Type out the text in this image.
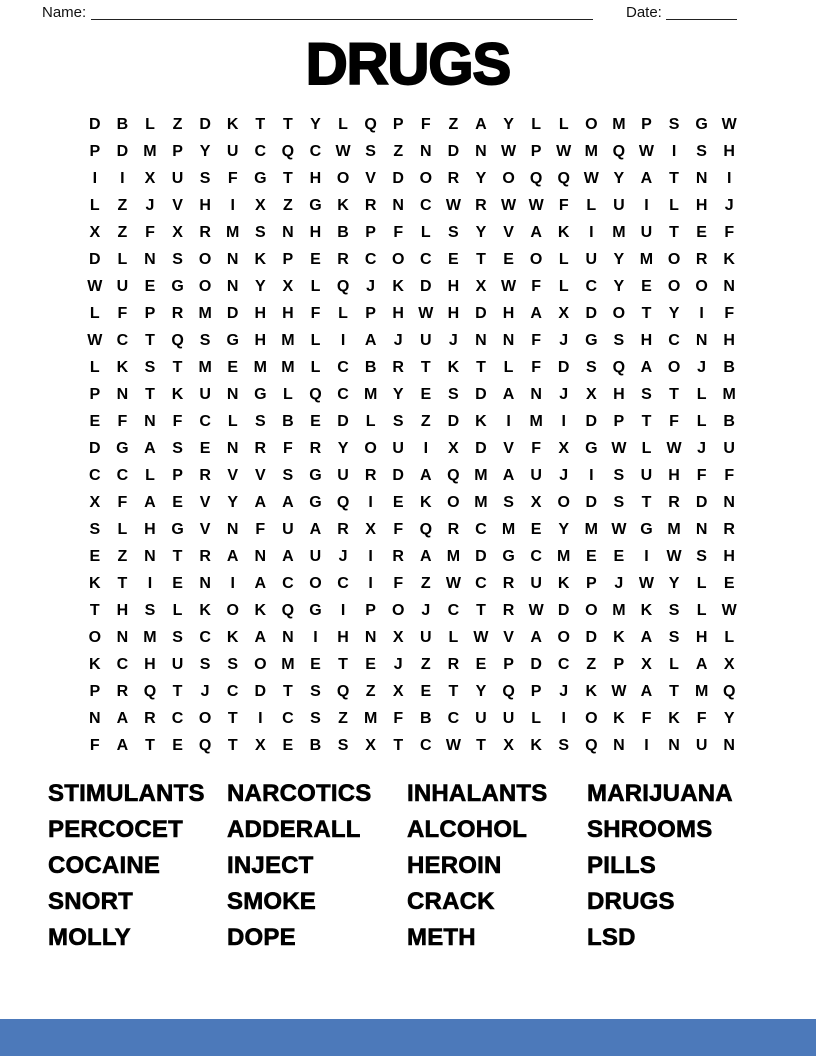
Name:	Date:
DRUGS
D	B	L	Z	D	K	T	T	Y	L	Q	P	F	Z	A	Y	L	L	O M P	S	G W
P	D M P	Y	U	C Q C W S	Z	N	D	N W P W M Q W	I	S	H
I	I	X	U	S	F	G	T	H O	V	D O R	Y	O Q Q W Y	A	T	N	I
L	Z	J	V	H	I	X	Z	G K	R	N	C W R W W F	L	U	I	L	H	J
X	Z	F	X	R M S	N	H	B	P	F	L	S	Y	V	A	K	I	M U	T	E	F
D	L	N	S	O N	K	P	E	R	C O C	E	T	E	O	L	U	Y M O R	K
W U	E	G O N	Y	X	L	Q	J	K	D	H	X W F	L	C	Y	E	O O N
L	F	P	R M D	H	H	F	L	P	H W H	D	H	A	X	D O	T	Y	I	F
W C	T	Q	S	G H M	L	I	A	J	U	J	N	N	F	J	G	S	H	C	N	H
L	K	S	T	M E M M	L	C	B	R	T	K	T	L	F	D	S	Q A O	J	B
P	N	T	K	U	N G	L	Q C M Y	E	S	D	A	N	J	X	H	S	T	L	M
E	F	N	F	C	L	S	B	E	D	L	S	Z	D	K	I	M	I	D	P	T	F	L	B
D G A	S	E	N	R	F	R	Y	O U	I	X	D	V	F	X	G W L W J	U
C	C	L	P	R	V	V	S	G U	R	D	A Q M A	U	J	I	S	U	H	F	F
X	F	A	E	V	Y	A	A G Q	I	E	K O M S	X	O D	S	T	R	D	N
S	L	H G	V	N	F	U	A	R	X	F	Q R	C M E	Y M W G M N	R
E	Z	N	T	R	A	N	A	U	J	I	R	A M D G C M E	E	I	W S	H
K	T	I	E	N	I	A	C O C	I	F	Z W C	R	U	K	P	J W Y	L	E
T	H	S	L	K O K Q G	I	P	O	J	C	T	R W D O M K	S	L W
O N M S	C	K	A	N	I	H	N	X	U	L W V	A O D	K	A	S	H	L
K	C	H	U	S	S	O M E	T	E	J	Z	R	E	P	D	C	Z	P	X	L	A	X
P	R Q	T	J	C	D	T	S	Q	Z	X	E	T	Y	Q	P	J	K W A	T	M Q
N	A	R	C O	T	I	C	S	Z	M	F	B	C	U	U	L	I	O K	F	K	F	Y
F	A	T	E	Q	T	X	E	B	S	X	T	C W T	X	K	S	Q N	I	N	U	N
STIMULANTS
PERCOCET
COCAINE
SNORT
MOLLY
NARCOTICS
ADDERALL
INJECT
SMOKE
DOPE
INHALANTS
ALCOHOL
HEROIN
CRACK
METH
MARIJUANA
SHROOMS
PILLS
DRUGS
LSD
